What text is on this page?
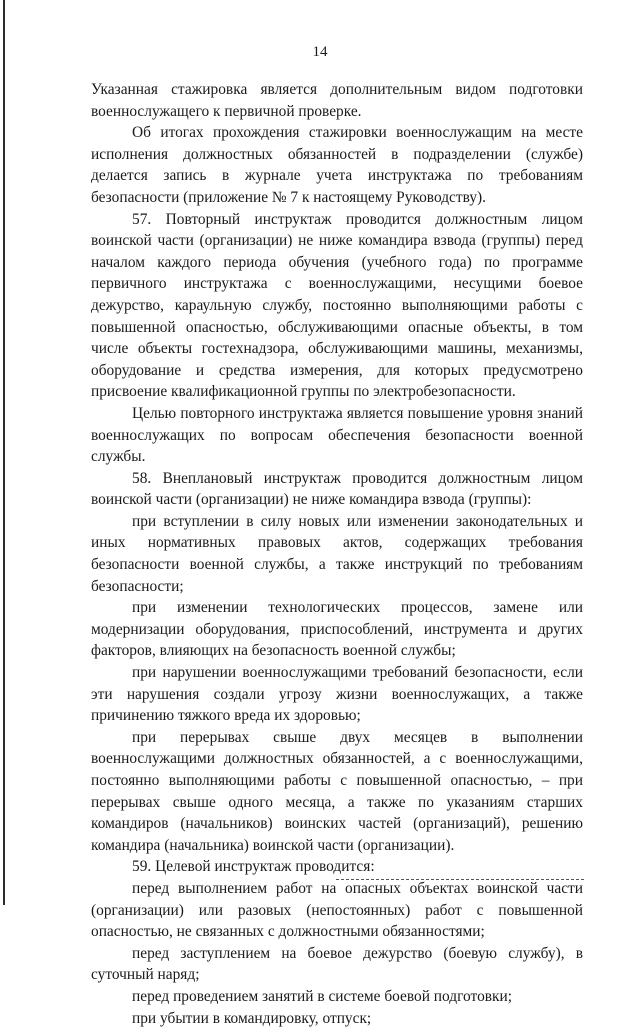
14

Указанная стажировка является дополнительным видом подготовки военнослужащего к первичной проверке.

Об итогах прохождения стажировки военнослужащим на месте исполнения должностных обязанностей в подразделении (службе) делается запись в журнале учета инструктажа по требованиям безопасности (приложение № 7 к настоящему Руководству).

57. Повторный инструктаж проводится должностным лицом воинской части (организации) не ниже командира взвода (группы) перед началом каждого периода обучения (учебного года) по программе первичного инструктажа с военнослужащими, несущими боевое дежурство, караульную службу, постоянно выполняющими работы с повышенной опасностью, обслуживающими опасные объекты, в том числе объекты гостехнадзора, обслуживающими машины, механизмы, оборудование и средства измерения, для которых предусмотрено присвоение квалификационной группы по электробезопасности.

Целью повторного инструктажа является повышение уровня знаний военнослужащих по вопросам обеспечения безопасности военной службы.

58. Внеплановый инструктаж проводится должностным лицом воинской части (организации) не ниже командира взвода (группы):

при вступлении в силу новых или изменении законодательных и иных нормативных правовых актов, содержащих требования безопасности военной службы, а также инструкций по требованиям безопасности;

при изменении технологических процессов, замене или модернизации оборудования, приспособлений, инструмента и других факторов, влияющих на безопасность военной службы;

при нарушении военнослужащими требований безопасности, если эти нарушения создали угрозу жизни военнослужащих, а также причинению тяжкого вреда их здоровью;

при перерывах свыше двух месяцев в выполнении военнослужащими должностных обязанностей, а с военнослужащими, постоянно выполняющими работы с повышенной опасностью, – при перерывах свыше одного месяца, а также по указаниям старших командиров (начальников) воинских частей (организаций), решению командира (начальника) воинской части (организации).

59. Целевой инструктаж проводится:

перед выполнением работ на опасных объектах воинской части (организации) или разовых (непостоянных) работ с повышенной опасностью, не связанных с должностными обязанностями;

перед заступлением на боевое дежурство (боевую службу), в суточный наряд;

перед проведением занятий в системе боевой подготовки;

при убытии в командировку, отпуск;
